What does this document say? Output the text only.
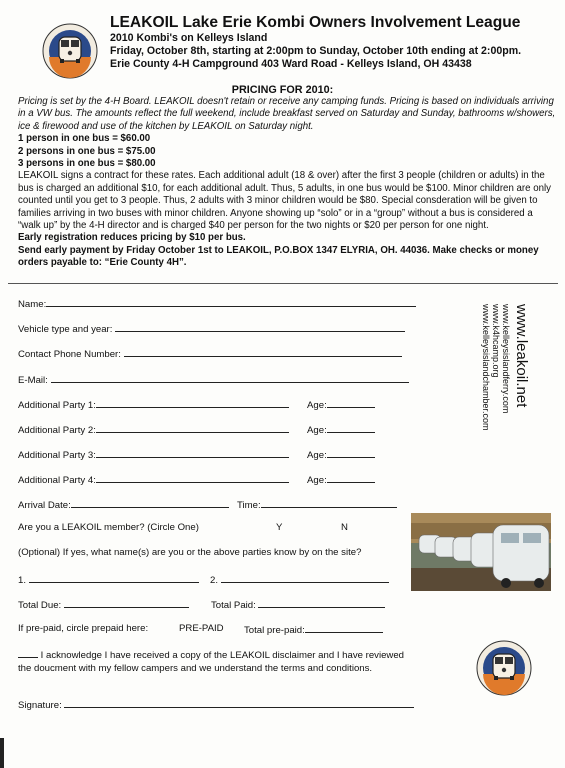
LEAKOIL Lake Erie Kombi Owners Involvement League
2010 Kombi's on Kelleys Island
Friday, October 8th, starting at 2:00pm to Sunday, October 10th ending at 2:00pm.
Erie County 4-H Campground 403 Ward Road - Kelleys Island, OH 43438
PRICING FOR 2010:

Pricing is set by the 4-H Board. LEAKOIL doesn't retain or receive any camping funds. Pricing is based on individuals arriving in a VW bus. The amounts reflect the full weekend, include breakfast served on Saturday and Sunday, bathrooms w/showers, ice & firewood and use of the kitchen by LEAKOIL on Saturday night.

1 person in one bus = $60.00

2 persons in one bus = $75.00

3 persons in one bus = $80.00

LEAKOIL signs a contract for these rates. Each additional adult (18 & over) after the first 3 people (children or adults) in the bus is charged an additional $10, for each additional adult. Thus, 5 adults, in one bus would be $100. Minor children are only counted until you get to 3 people. Thus, 2 adults with 3 minor children would be $80. Special consderation will be given to families arriving in two buses with minor children. Anyone showing up “solo” or in a “group” without a bus is considered a “walk up” by the 4-H director and is charged $40 per person for the two nights or $20 per person for one night.

Early registration reduces pricing by $10 per bus.

Send early payment by Friday October 1st to LEAKOIL, P.O.BOX 1347 ELYRIA, OH. 44036. Make checks or money orders payable to: “Erie County 4H”.

Name:
Vehicle type and year:
Contact Phone Number:
E-Mail:
Additional Party 1:	Age:
Additional Party 2:	Age:
Additional Party 3:	Age:
Additional Party 4:	Age:
Arrival Date:	Time:
Are you a LEAKOIL member? (Circle One)	Y	N
(Optional) If yes, what name(s) are you or the above parties know by on the site?
1.	2.
Total Due:	Total Paid:
If pre-paid, circle prepaid here:	PRE-PAID Total pre-paid:
I acknowledge I have received a copy of the LEAKOIL disclaimer and I have reviewed the doucment with my fellow campers and we understand the terms and conditions.
Signature:
www.leakoil.net
www.kelleysislandferry.com
www.k4hcamp.org
www.kelleysislandchamber.com
